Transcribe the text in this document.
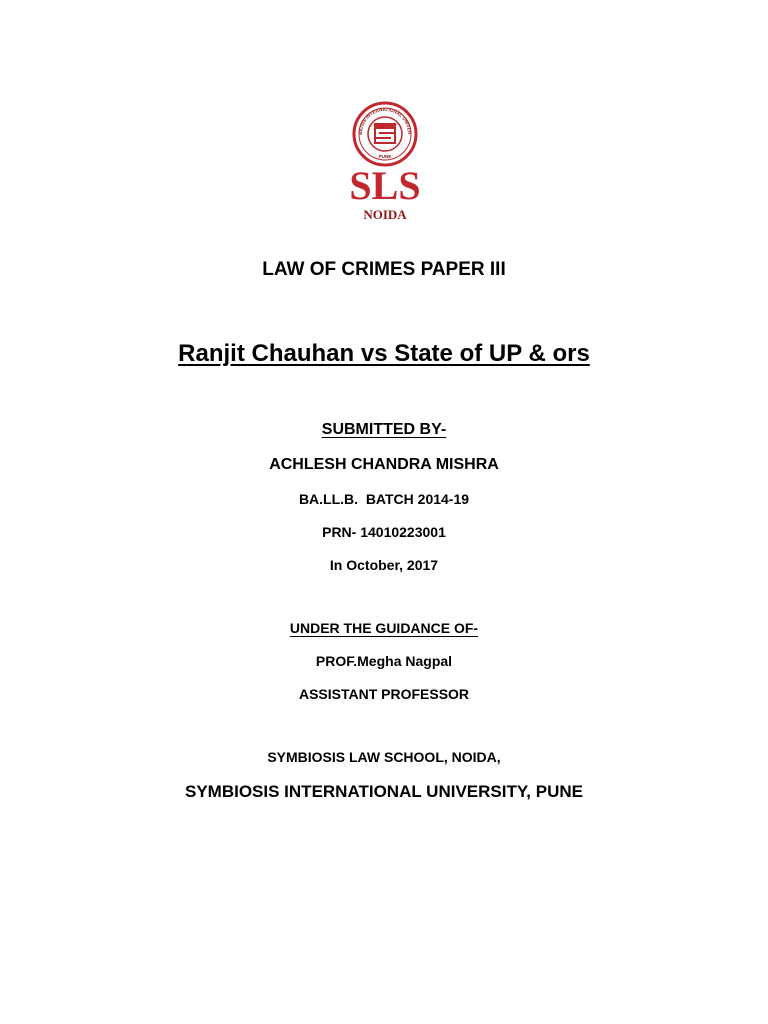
BIOSIS INTERNATIONAL UNIVER
PUNE
SLS
NOIDA
LAW OF CRIMES PAPER III
Ranjit Chauhan vs State of UP & ors
SUBMITTED BY-
ACHLESH CHANDRA MISHRA
BA.LL.B.  BATCH 2014-19
PRN- 14010223001
In October, 2017
UNDER THE GUIDANCE OF-
PROF.Megha Nagpal
ASSISTANT PROFESSOR
SYMBIOSIS LAW SCHOOL, NOIDA,
SYMBIOSIS INTERNATIONAL UNIVERSITY, PUNE
